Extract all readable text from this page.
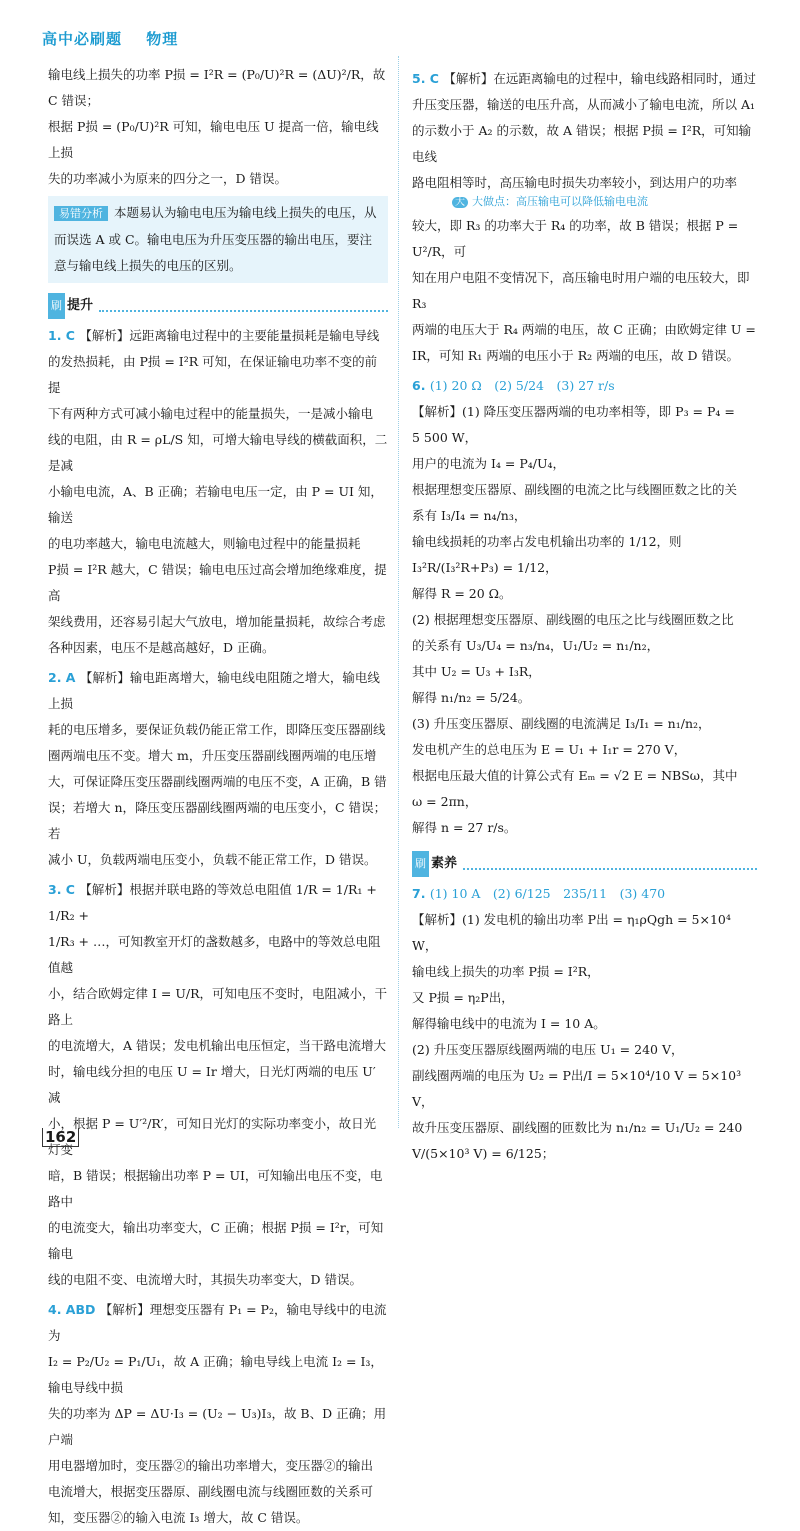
高中必刷题 物理

输电线上损失的功率 P损 = I²R = (P₀/U)²R = (ΔU)²/R，故 C 错误；

根据 P损 = (P₀/U)²R 可知，输电电压 U 提高一倍，输电线上损

失的功率减小为原来的四分之一，D 错误。

易错分析 本题易认为输电电压为输电线上损失的电压，从而误选 A 或 C。输电电压为升压变压器的输出电压，要注意与输电线上损失的电压的区别。
刷 提升

1. C 【解析】远距离输电过程中的主要能量损耗是输电导线

的发热损耗，由 P损 = I²R 可知，在保证输电功率不变的前提

下有两种方式可减小输电过程中的能量损失，一是减小输电

线的电阻，由 R = ρL/S 知，可增大输电导线的横截面积，二是减

小输电电流，A、B 正确；若输电电压一定，由 P = UI 知，输送

的电功率越大，输电电流越大，则输电过程中的能量损耗

P损 = I²R 越大，C 错误；输电电压过高会增加绝缘难度，提高

架线费用，还容易引起大气放电，增加能量损耗，故综合考虑

各种因素，电压不是越高越好，D 正确。

2. A 【解析】输电距离增大，输电线电阻随之增大，输电线上损

耗的电压增多，要保证负载仍能正常工作，即降压变压器副线

圈两端电压不变。增大 m，升压变压器副线圈两端的电压增

大，可保证降压变压器副线圈两端的电压不变，A 正确，B 错

误；若增大 n，降压变压器副线圈两端的电压变小，C 错误；若

减小 U，负载两端电压变小，负载不能正常工作，D 错误。

3. C 【解析】根据并联电路的等效总电阻值 1/R = 1/R₁ + 1/R₂ +

1/R₃ + …，可知教室开灯的盏数越多，电路中的等效总电阻值越

小，结合欧姆定律 I = U/R，可知电压不变时，电阻减小，干路上

的电流增大，A 错误；发电机输出电压恒定，当干路电流增大

时，输电线分担的电压 U = Ir 增大，日光灯两端的电压 U′减

小，根据 P = U′²/R′，可知日光灯的实际功率变小，故日光灯变

暗，B 错误；根据输出功率 P = UI，可知输出电压不变，电路中

的电流变大，输出功率变大，C 正确；根据 P损 = I²r，可知输电

线的电阻不变、电流增大时，其损失功率变大，D 错误。

4. ABD 【解析】理想变压器有 P₁ = P₂，输电导线中的电流为

I₂ = P₂/U₂ = P₁/U₁，故 A 正确；输电导线上电流 I₂ = I₃，输电导线中损

失的功率为 ΔP = ΔU·I₃ = (U₂ − U₃)I₃，故 B、D 正确；用户端

用电器增加时，变压器②的输出功率增大，变压器②的输出

电流增大，根据变压器原、副线圈电流与线圈匝数的关系可

知，变压器②的输入电流 I₃ 增大，故 C 错误。

5. C 【解析】在远距离输电的过程中，输电线路相同时，通过

升压变压器，输送的电压升高，从而减小了输电电流，所以 A₁

的示数小于 A₂ 的示数，故 A 错误；根据 P损 = I²R，可知输电线

路电阻相等时，高压输电时损失功率较小，到达用户的功率

大 大做点：高压输电可以降低输电电流

较大，即 R₃ 的功率大于 R₄ 的功率，故 B 错误；根据 P = U²/R，可

知在用户电阻不变情况下，高压输电时用户端的电压较大，即 R₃

两端的电压大于 R₄ 两端的电压，故 C 正确；由欧姆定律 U =

IR，可知 R₁ 两端的电压小于 R₂ 两端的电压，故 D 错误。

6. (1) 20 Ω　(2) 5/24　(3) 27 r/s

【解析】(1) 降压变压器两端的电功率相等，即 P₃ = P₄ =

5 500 W，

用户的电流为 I₄ = P₄/U₄，

根据理想变压器原、副线圈的电流之比与线圈匝数之比的关

系有 I₃/I₄ = n₄/n₃，

输电线损耗的功率占发电机输出功率的 1/12，则 I₃²R/(I₃²R+P₃) = 1/12，

解得 R = 20 Ω。

(2) 根据理想变压器原、副线圈的电压之比与线圈匝数之比

的关系有 U₃/U₄ = n₃/n₄，U₁/U₂ = n₁/n₂，

其中 U₂ = U₃ + I₃R，

解得 n₁/n₂ = 5/24。

(3) 升压变压器原、副线圈的电流满足 I₃/I₁ = n₁/n₂，

发电机产生的总电压为 E = U₁ + I₁r = 270 V，

根据电压最大值的计算公式有 Eₘ = √2 E = NBSω，其中

ω = 2πn，

解得 n = 27 r/s。

刷 素养

7. (1) 10 A　(2) 6/125　235/11　(3) 470

【解析】(1) 发电机的输出功率 P出 = η₁ρQgh = 5×10⁴ W，

输电线上损失的功率 P损 = I²R，

又 P损 = η₂P出，

解得输电线中的电流为 I = 10 A。

(2) 升压变压器原线圈两端的电压 U₁ = 240 V，

副线圈两端的电压为 U₂ = P出/I = 5×10⁴/10 V = 5×10³ V，

故升压变压器原、副线圈的匝数比为 n₁/n₂ = U₁/U₂ = 240 V/(5×10³ V) = 6/125；

162
